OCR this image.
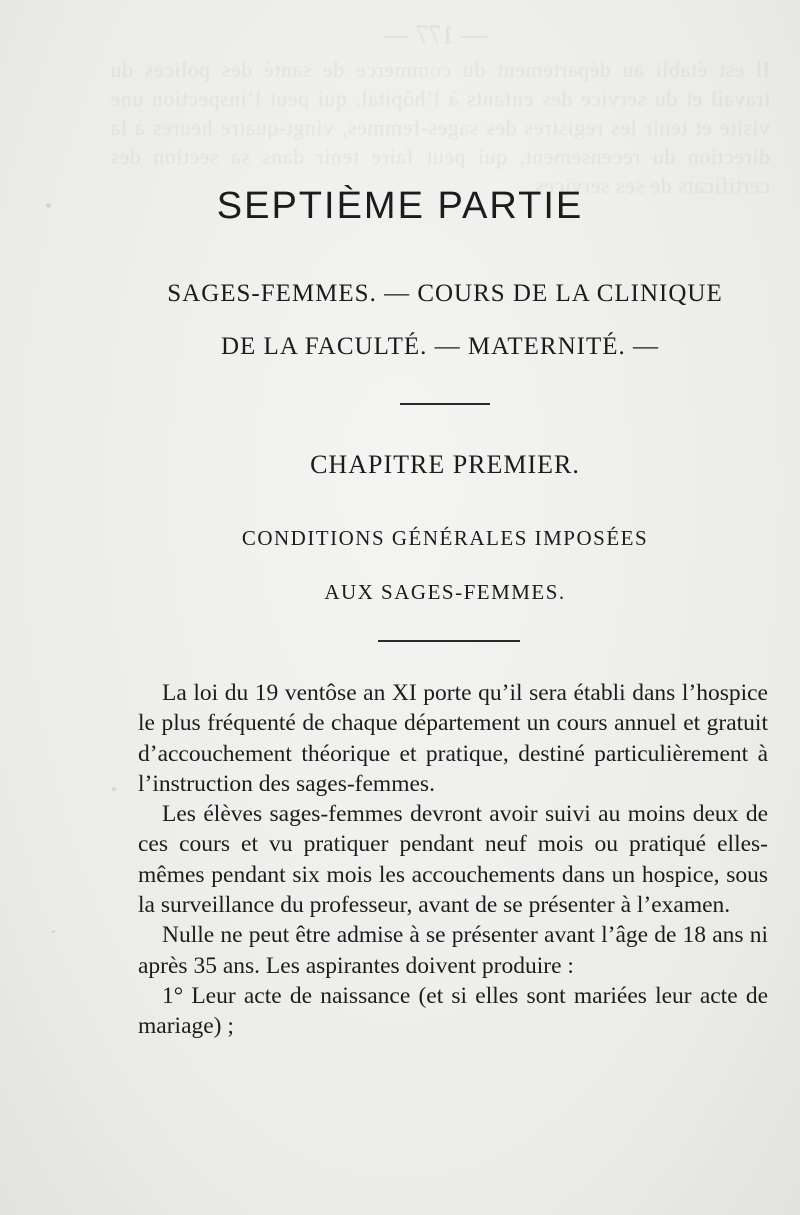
— 177 —
Il est établi au département du commerce de santé des polices du travail et du service des enfants à l’hôpital, qui peut l’inspection une visite et tenir les registres des sages-femmes, vingt-quatre heures à la direction du recensement, qui peut faire tenir dans sa section des certificats de ses services.
SEPTIÈME PARTIE
SAGES-FEMMES. — COURS DE LA CLINIQUE
DE LA FACULTÉ. — MATERNITÉ. —
CHAPITRE PREMIER.
CONDITIONS GÉNÉRALES IMPOSÉES
AUX SAGES-FEMMES.

La loi du 19 ventôse an XI porte qu’il sera établi dans l’hospice le plus fréquenté de chaque département un cours annuel et gratuit d’accouchement théorique et pratique, destiné particulièrement à l’instruction des sages-femmes.

Les élèves sages-femmes devront avoir suivi au moins deux de ces cours et vu pratiquer pendant neuf mois ou pratiqué elles-mêmes pendant six mois les accouchements dans un hospice, sous la surveillance du professeur, avant de se présenter à l’examen.

Nulle ne peut être admise à se présenter avant l’âge de 18 ans ni après 35 ans. Les aspirantes doivent produire :

1° Leur acte de naissance (et si elles sont mariées leur acte de mariage) ;
